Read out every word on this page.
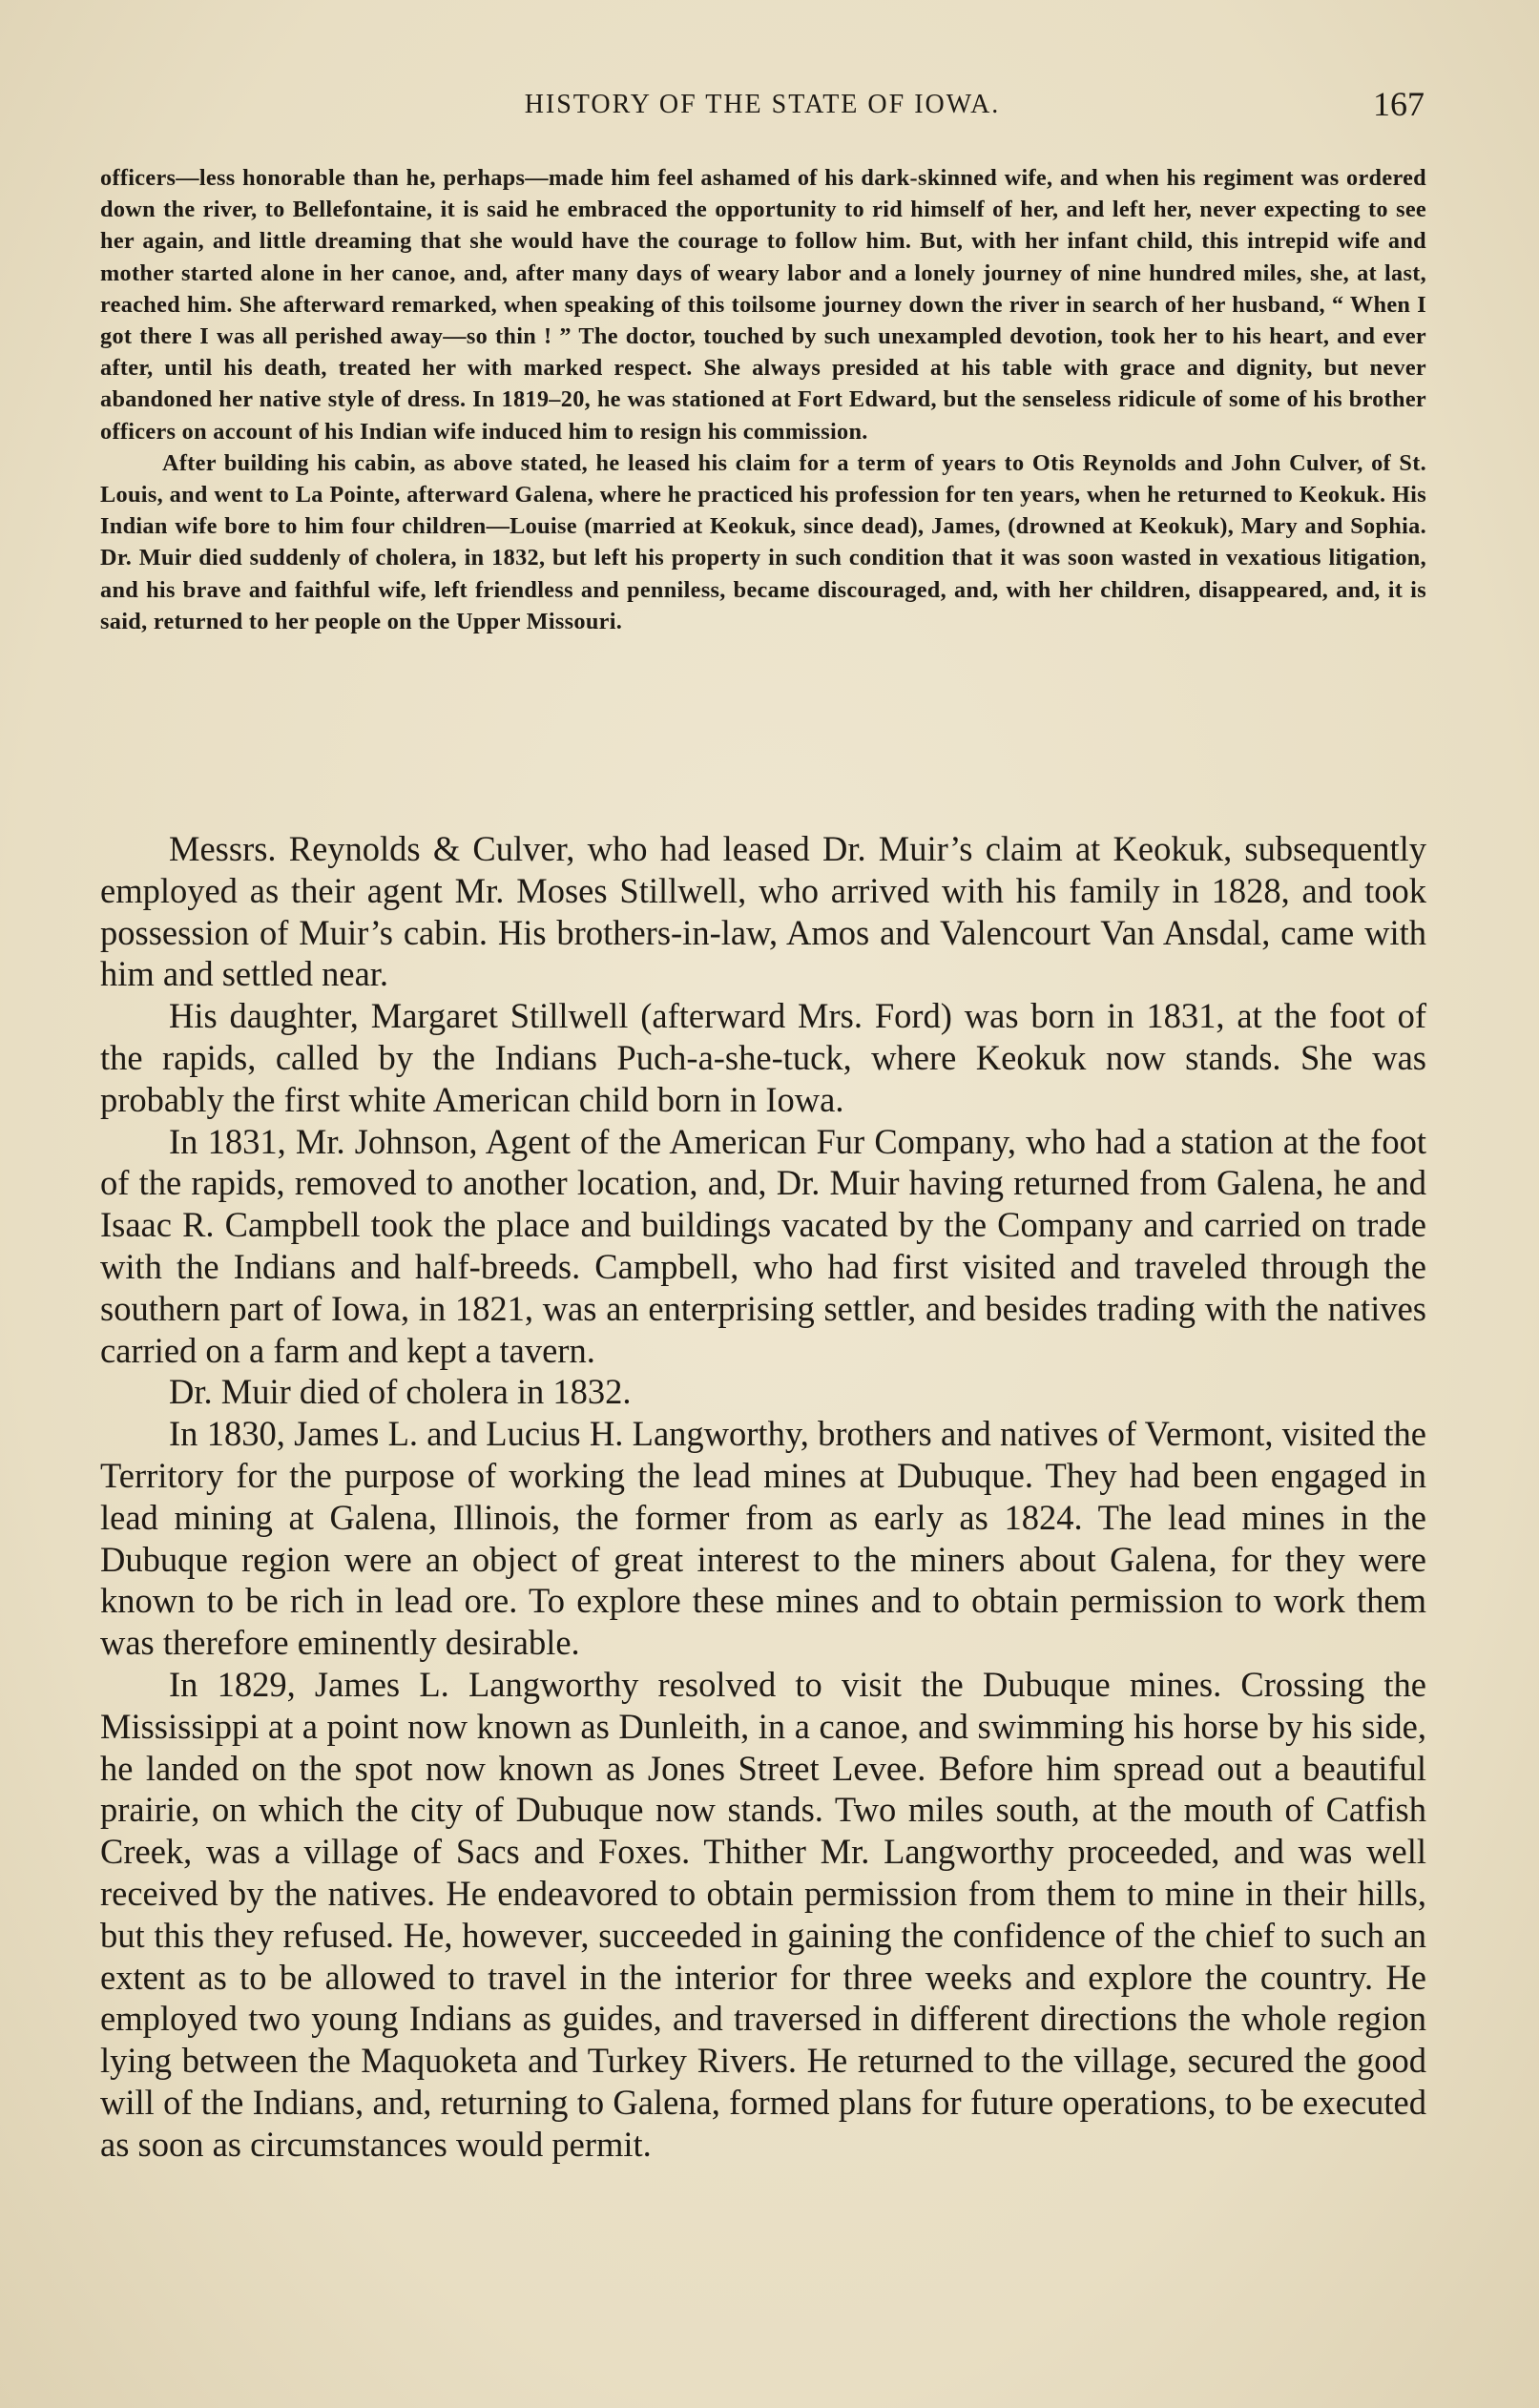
HISTORY OF THE STATE OF IOWA.	167

officers—less honorable than he, perhaps—made him feel ashamed of his dark-skinned wife, and when his regiment was ordered down the river, to Bellefontaine, it is said he embraced the opportunity to rid himself of her, and left her, never expecting to see her again, and little dreaming that she would have the courage to follow him. But, with her infant child, this intrepid wife and mother started alone in her canoe, and, after many days of weary labor and a lonely journey of nine hundred miles, she, at last, reached him. She afterward remarked, when speaking of this toilsome journey down the river in search of her husband, “ When I got there I was all perished away—so thin ! ” The doctor, touched by such unexampled devotion, took her to his heart, and ever after, until his death, treated her with marked respect. She always presided at his table with grace and dignity, but never abandoned her native style of dress. In 1819–20, he was stationed at Fort Edward, but the senseless ridicule of some of his brother officers on account of his Indian wife induced him to resign his commission.

After building his cabin, as above stated, he leased his claim for a term of years to Otis Reynolds and John Culver, of St. Louis, and went to La Pointe, afterward Galena, where he practiced his profession for ten years, when he returned to Keokuk. His Indian wife bore to him four children—Louise (married at Keokuk, since dead), James, (drowned at Keokuk), Mary and Sophia. Dr. Muir died suddenly of cholera, in 1832, but left his property in such condition that it was soon wasted in vexatious litigation, and his brave and faithful wife, left friendless and penniless, became discouraged, and, with her children, disappeared, and, it is said, returned to her people on the Upper Missouri.

Messrs. Reynolds & Culver, who had leased Dr. Muir’s claim at Keokuk, subsequently employed as their agent Mr. Moses Stillwell, who arrived with his family in 1828, and took possession of Muir’s cabin. His brothers-in-law, Amos and Valencourt Van Ansdal, came with him and settled near.

His daughter, Margaret Stillwell (afterward Mrs. Ford) was born in 1831, at the foot of the rapids, called by the Indians Puch-a-she-tuck, where Keokuk now stands. She was probably the first white American child born in Iowa.

In 1831, Mr. Johnson, Agent of the American Fur Company, who had a station at the foot of the rapids, removed to another location, and, Dr. Muir having returned from Galena, he and Isaac R. Campbell took the place and buildings vacated by the Company and carried on trade with the Indians and half-breeds. Campbell, who had first visited and traveled through the southern part of Iowa, in 1821, was an enterprising settler, and besides trading with the natives carried on a farm and kept a tavern.

Dr. Muir died of cholera in 1832.

In 1830, James L. and Lucius H. Langworthy, brothers and natives of Vermont, visited the Territory for the purpose of working the lead mines at Dubuque. They had been engaged in lead mining at Galena, Illinois, the former from as early as 1824. The lead mines in the Dubuque region were an object of great interest to the miners about Galena, for they were known to be rich in lead ore. To explore these mines and to obtain permission to work them was therefore eminently desirable.

In 1829, James L. Langworthy resolved to visit the Dubuque mines. Crossing the Mississippi at a point now known as Dunleith, in a canoe, and swimming his horse by his side, he landed on the spot now known as Jones Street Levee. Before him spread out a beautiful prairie, on which the city of Dubuque now stands. Two miles south, at the mouth of Catfish Creek, was a village of Sacs and Foxes. Thither Mr. Langworthy proceeded, and was well received by the natives. He endeavored to obtain permission from them to mine in their hills, but this they refused. He, however, succeeded in gaining the confidence of the chief to such an extent as to be allowed to travel in the interior for three weeks and explore the country. He employed two young Indians as guides, and traversed in different directions the whole region lying between the Maquoketa and Turkey Rivers. He returned to the village, secured the good will of the Indians, and, returning to Galena, formed plans for future operations, to be executed as soon as circumstances would permit.
